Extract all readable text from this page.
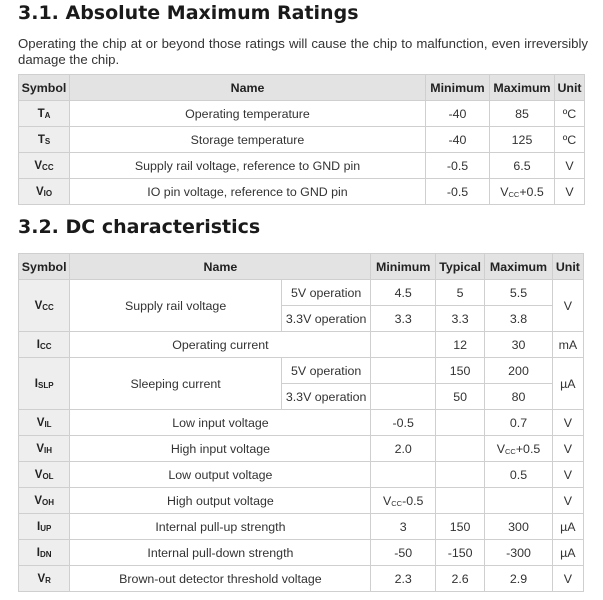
3.1. Absolute Maximum Ratings
Operating the chip at or beyond those ratings will cause the chip to malfunction, even irreversibly damage the chip.
Symbol	Name	Minimum	Maximum	Unit
$T_A$	Operating temperature	-40	85	ºC
$T_S$	Storage temperature	-40	125	ºC
$V_{CC}$	Supply rail voltage, reference to GND pin	-0.5	6.5	V
$V_{IO}$	IO pin voltage, reference to GND pin	-0.5	VCC+0.5	V
3.2. DC characteristics
Symbol	Name		Minimum	Typical	Maximum	Unit
$V_{CC}$	Supply rail voltage	5V operation	4.5	5	5.5	V
		3.3V operation	3.3	3.3	3.8	
$I_{CC}$	Operating current			12	30	mA
$I_{SLP}$	Sleeping current	5V operation		150	200	µA
		3.3V operation		50	80	
$V_{IL}$	Low input voltage		-0.5		0.7	V
$V_{IH}$	High input voltage		2.0		VCC+0.5	V
$V_{OL}$	Low output voltage				0.5	V
$V_{OH}$	High output voltage		VCC-0.5			V
$I_{UP}$	Internal pull-up strength		3	150	300	µA
$I_{DN}$	Internal pull-down strength		-50	-150	-300	µA
$V_R$	Brown-out detector threshold voltage		2.3	2.6	2.9	V
